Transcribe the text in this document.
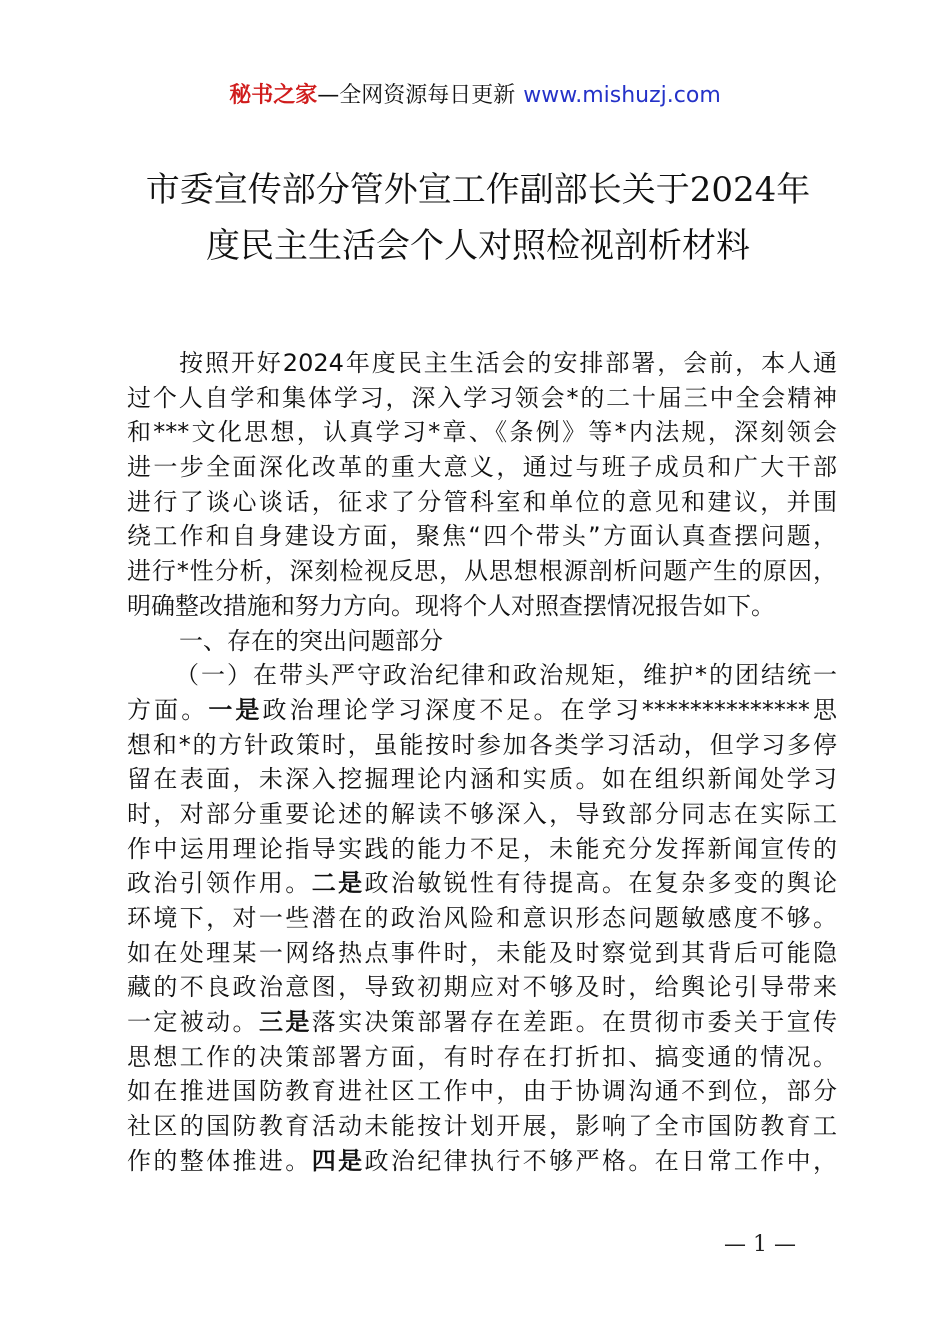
秘书之家—全网资源每日更新 www.mishuzj.com
市委宣传部分管外宣工作副部长关于2024年
度民主生活会个人对照检视剖析材料
按照开好2024年度民主生活会的安排部署，会前，本人通
过个人自学和集体学习，深入学习领会*的二十届三中全会精神
和***文化思想，认真学习*章、《条例》等*内法规，深刻领会
进一步全面深化改革的重大意义，通过与班子成员和广大干部
进行了谈心谈话，征求了分管科室和单位的意见和建议，并围
绕工作和自身建设方面，聚焦“四个带头”方面认真查摆问题，
进行*性分析，深刻检视反思，从思想根源剖析问题产生的原因，
明确整改措施和努力方向。现将个人对照查摆情况报告如下。
一、存在的突出问题部分
（一）在带头严守政治纪律和政治规矩，维护*的团结统一
方面。一是政治理论学习深度不足。在学习**************思
想和*的方针政策时，虽能按时参加各类学习活动，但学习多停
留在表面，未深入挖掘理论内涵和实质。如在组织新闻处学习
时，对部分重要论述的解读不够深入，导致部分同志在实际工
作中运用理论指导实践的能力不足，未能充分发挥新闻宣传的
政治引领作用。二是政治敏锐性有待提高。在复杂多变的舆论
环境下，对一些潜在的政治风险和意识形态问题敏感度不够。
如在处理某一网络热点事件时，未能及时察觉到其背后可能隐
藏的不良政治意图，导致初期应对不够及时，给舆论引导带来
一定被动。三是落实决策部署存在差距。在贯彻市委关于宣传
思想工作的决策部署方面，有时存在打折扣、搞变通的情况。
如在推进国防教育进社区工作中，由于协调沟通不到位，部分
社区的国防教育活动未能按计划开展，影响了全市国防教育工
作的整体推进。四是政治纪律执行不够严格。在日常工作中，
— 1 —
